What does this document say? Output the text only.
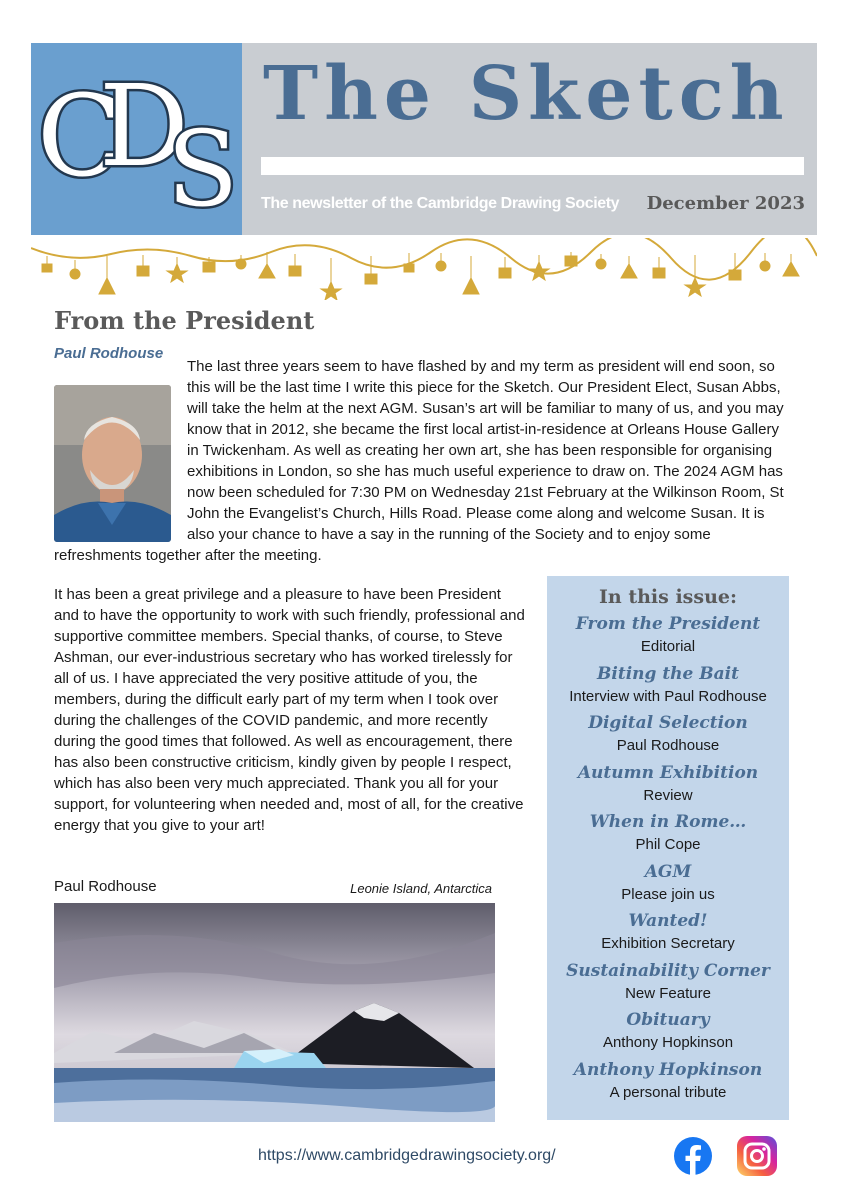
C
D
S
The Sketch
The newsletter of the Cambridge Drawing Society December 2023
From the President
Paul Rodhouse

The last three years seem to have flashed by and my term as president will end soon, so this will be the last time I write this piece for the Sketch. Our President Elect, Susan Abbs, will take the helm at the next AGM. Susan’s art will be familiar to many of us, and you may know that in 2012, she became the first local artist-in-residence at Orleans House Gallery in Twickenham. As well as creating her own art, she has been responsible for organising exhibitions in London, so she has much useful experience to draw on. The 2024 AGM has now been scheduled for 7:30 PM on Wednesday 21st February at the Wilkinson Room, St John the Evangelist’s Church, Hills Road. Please come along and welcome Susan. It is also your chance to have a say in the running of the Society and to enjoy some refreshments together after the meeting.

It has been a great privilege and a pleasure to have been President and to have the opportunity to work with such friendly, professional and supportive committee members. Special thanks, of course, to Steve Ashman, our ever-industrious secretary who has worked tirelessly for all of us. I have appreciated the very positive attitude of you, the members, during the difficult early part of my term when I took over during the challenges of the COVID pandemic, and more recently during the good times that followed. As well as encouragement, there has also been constructive criticism, kindly given by people I respect, which has also been very much appreciated. Thank you all for your support, for volunteering when needed and, most of all, for the creative energy that you give to your art!

Paul Rodhouse	Leonie Island, Antarctica
In this issue:
From the President
Editorial
Biting the Bait
Interview with Paul Rodhouse
Digital Selection
Paul Rodhouse
Autumn Exhibition
Review
When in Rome…
Phil Cope
AGM
Please join us
Wanted!
Exhibition Secretary
Sustainability Corner
New Feature
Obituary
Anthony Hopkinson
Anthony Hopkinson
A personal tribute
https://www.cambridgedrawingsociety.org/
